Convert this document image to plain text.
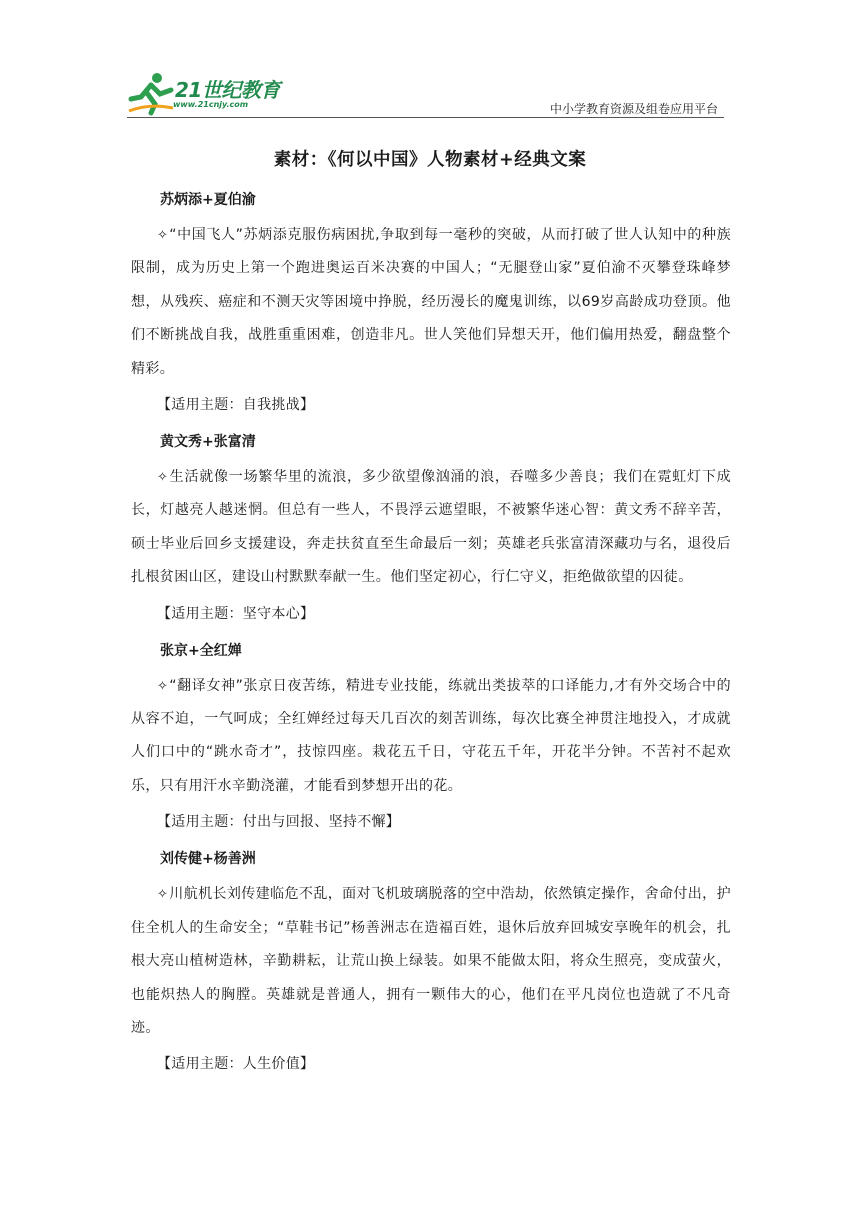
21世纪教育
www.21cnjy.com	中小学教育资源及组卷应用平台
素材：《何以中国》人物素材+经典文案

苏炳添+夏伯渝

✧“中国飞人”苏炳添克服伤病困扰,争取到每一毫秒的突破，从而打破了世人认知中的种族限制，成为历史上第一个跑进奥运百米决赛的中国人；“无腿登山家”夏伯渝不灭攀登珠峰梦想，从残疾、癌症和不测天灾等困境中挣脱，经历漫长的魔鬼训练，以69岁高龄成功登顶。他们不断挑战自我，战胜重重困难，创造非凡。世人笑他们异想天开，他们偏用热爱，翻盘整个精彩。

【适用主题：自我挑战】

黄文秀+张富清

✧生活就像一场繁华里的流浪，多少欲望像汹涌的浪，吞噬多少善良；我们在霓虹灯下成长，灯越亮人越迷惘。但总有一些人，不畏浮云遮望眼，不被繁华迷心智：黄文秀不辞辛苦，硕士毕业后回乡支援建设，奔走扶贫直至生命最后一刻；英雄老兵张富清深藏功与名，退役后扎根贫困山区，建设山村默默奉献一生。他们坚定初心，行仁守义，拒绝做欲望的囚徒。

【适用主题：坚守本心】

张京+全红婵

✧“翻译女神”张京日夜苦练，精进专业技能，练就出类拔萃的口译能力,才有外交场合中的从容不迫，一气呵成；全红婵经过每天几百次的刻苦训练，每次比赛全神贯注地投入，才成就人们口中的“跳水奇才”，技惊四座。栽花五千日，守花五千年，开花半分钟。不苦衬不起欢乐，只有用汗水辛勤浇灌，才能看到梦想开出的花。

【适用主题：付出与回报、坚持不懈】

刘传健+杨善洲

✧川航机长刘传建临危不乱，面对飞机玻璃脱落的空中浩劫，依然镇定操作，舍命付出，护住全机人的生命安全；“草鞋书记”杨善洲志在造福百姓，退休后放弃回城安享晚年的机会，扎根大亮山植树造林，辛勤耕耘，让荒山换上绿装。如果不能做太阳，将众生照亮，变成萤火，也能炽热人的胸膛。英雄就是普通人，拥有一颗伟大的心，他们在平凡岗位也造就了不凡奇迹。

【适用主题：人生价值】
